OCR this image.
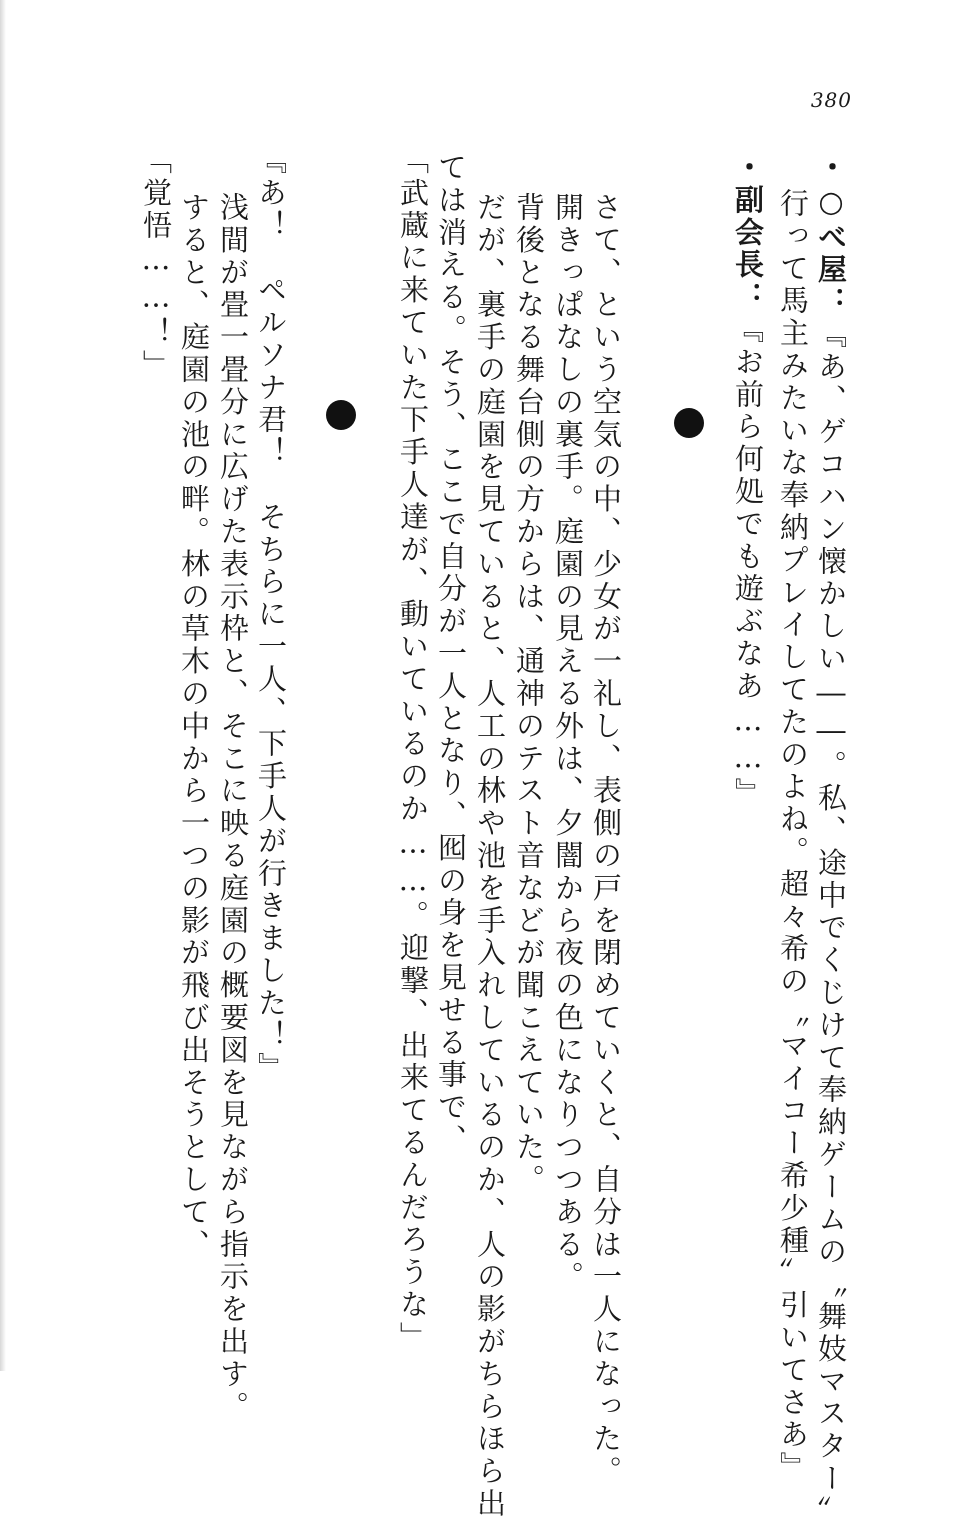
380
・○べ屋：『あ、ゲコハン懐かしい――。私、途中でくじけて奉納ゲームの〝舞妓マスター〟
行って馬主みたいな奉納プレイしてたのよね。超々希の〝マイコー希少種〟引いてさあ』
・副会長：『お前ら何処でも遊ぶなあ……』
さて、という空気の中、少女が一礼し、表側の戸を閉めていくと、自分は一人になった。
開きっぱなしの裏手。庭園の見える外は、夕闇から夜の色になりつつある。
背後となる舞台側の方からは、通神のテスト音などが聞こえていた。
だが、裏手の庭園を見ていると、人工の林や池を手入れしているのか、人の影がちらほら出
ては消える。そう、ここで自分が一人となり、囮の身を見せる事で、
「武蔵に来ていた下手人達が、動いているのか……。迎撃、出来てるんだろうな」
『あ！　ペルソナ君！　そちらに一人、下手人が行きました！』
浅間が畳一畳分に広げた表示枠と、そこに映る庭園の概要図を見ながら指示を出す。
すると、庭園の池の畔。林の草木の中から一つの影が飛び出そうとして、
「覚悟……！」
